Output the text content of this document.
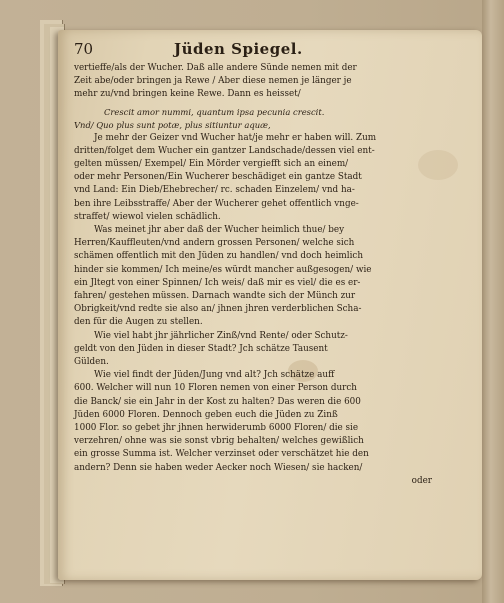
70	Jüden Spiegel.
vertieffe/als der Wucher. Daß alle andere Sünde nemen mit der
Zeit abe/oder bringen ja Rewe / Aber diese nemen je länger je
mehr zu/vnd bringen keine Rewe. Dann es heisset/
Crescit amor nummi, quantum ipsa pecunia crescit.
Vnd/ Quo plus sunt potæ, plus sitiuntur aquæ,
Je mehr der Geizer vnd Wucher hat/je mehr er haben will. Zum
dritten/folget dem Wucher ein gantzer Landschade/dessen viel ent-
gelten müssen/ Exempel/ Ein Mörder vergiefft sich an einem/
oder mehr Personen/Ein Wucherer beschädiget ein gantze Stadt
vnd Land: Ein Dieb/Ehebrecher/ rc. schaden Einzelem/ vnd ha-
ben ihre Leibsstraffe/ Aber der Wucherer gehet offentlich vnge-
straffet/ wiewol vielen schädlich.
Was meinet jhr aber daß der Wucher heimlich thue/ bey
Herren/Kauffleuten/vnd andern grossen Personen/ welche sich
schämen offentlich mit den Jüden zu handlen/ vnd doch heimlich
hinder sie kommen/ Ich meine/es würdt mancher außgesogen/ wie
ein Jltegt von einer Spinnen/ Ich weis/ daß mir es viel/ die es er-
fahren/ gestehen müssen. Darnach wandte sich der Münch zur
Obrigkeit/vnd redte sie also an/ jhnen jhren verderblichen Scha-
den für die Augen zu stellen.
Wie viel habt jhr jährlicher Zinß/vnd Rente/ oder Schutz-
geldt von den Jüden in dieser Stadt? Jch schätze Tausent
Gülden.
Wie viel findt der Jüden/Jung vnd alt? Jch schätze auff
600. Welcher will nun 10 Floren nemen von einer Person durch
die Banck/ sie ein Jahr in der Kost zu halten? Das weren die 600
Jüden 6000 Floren. Dennoch geben euch die Jüden zu Zinß
1000 Flor. so gebet jhr jhnen herwiderumb 6000 Floren/ die sie
verzehren/ ohne was sie sonst vbrig behalten/ welches gewißlich
ein grosse Summa ist. Welcher verzinset oder verschätzet hie den
andern? Denn sie haben weder Aecker noch Wiesen/ sie hacken/
oder
